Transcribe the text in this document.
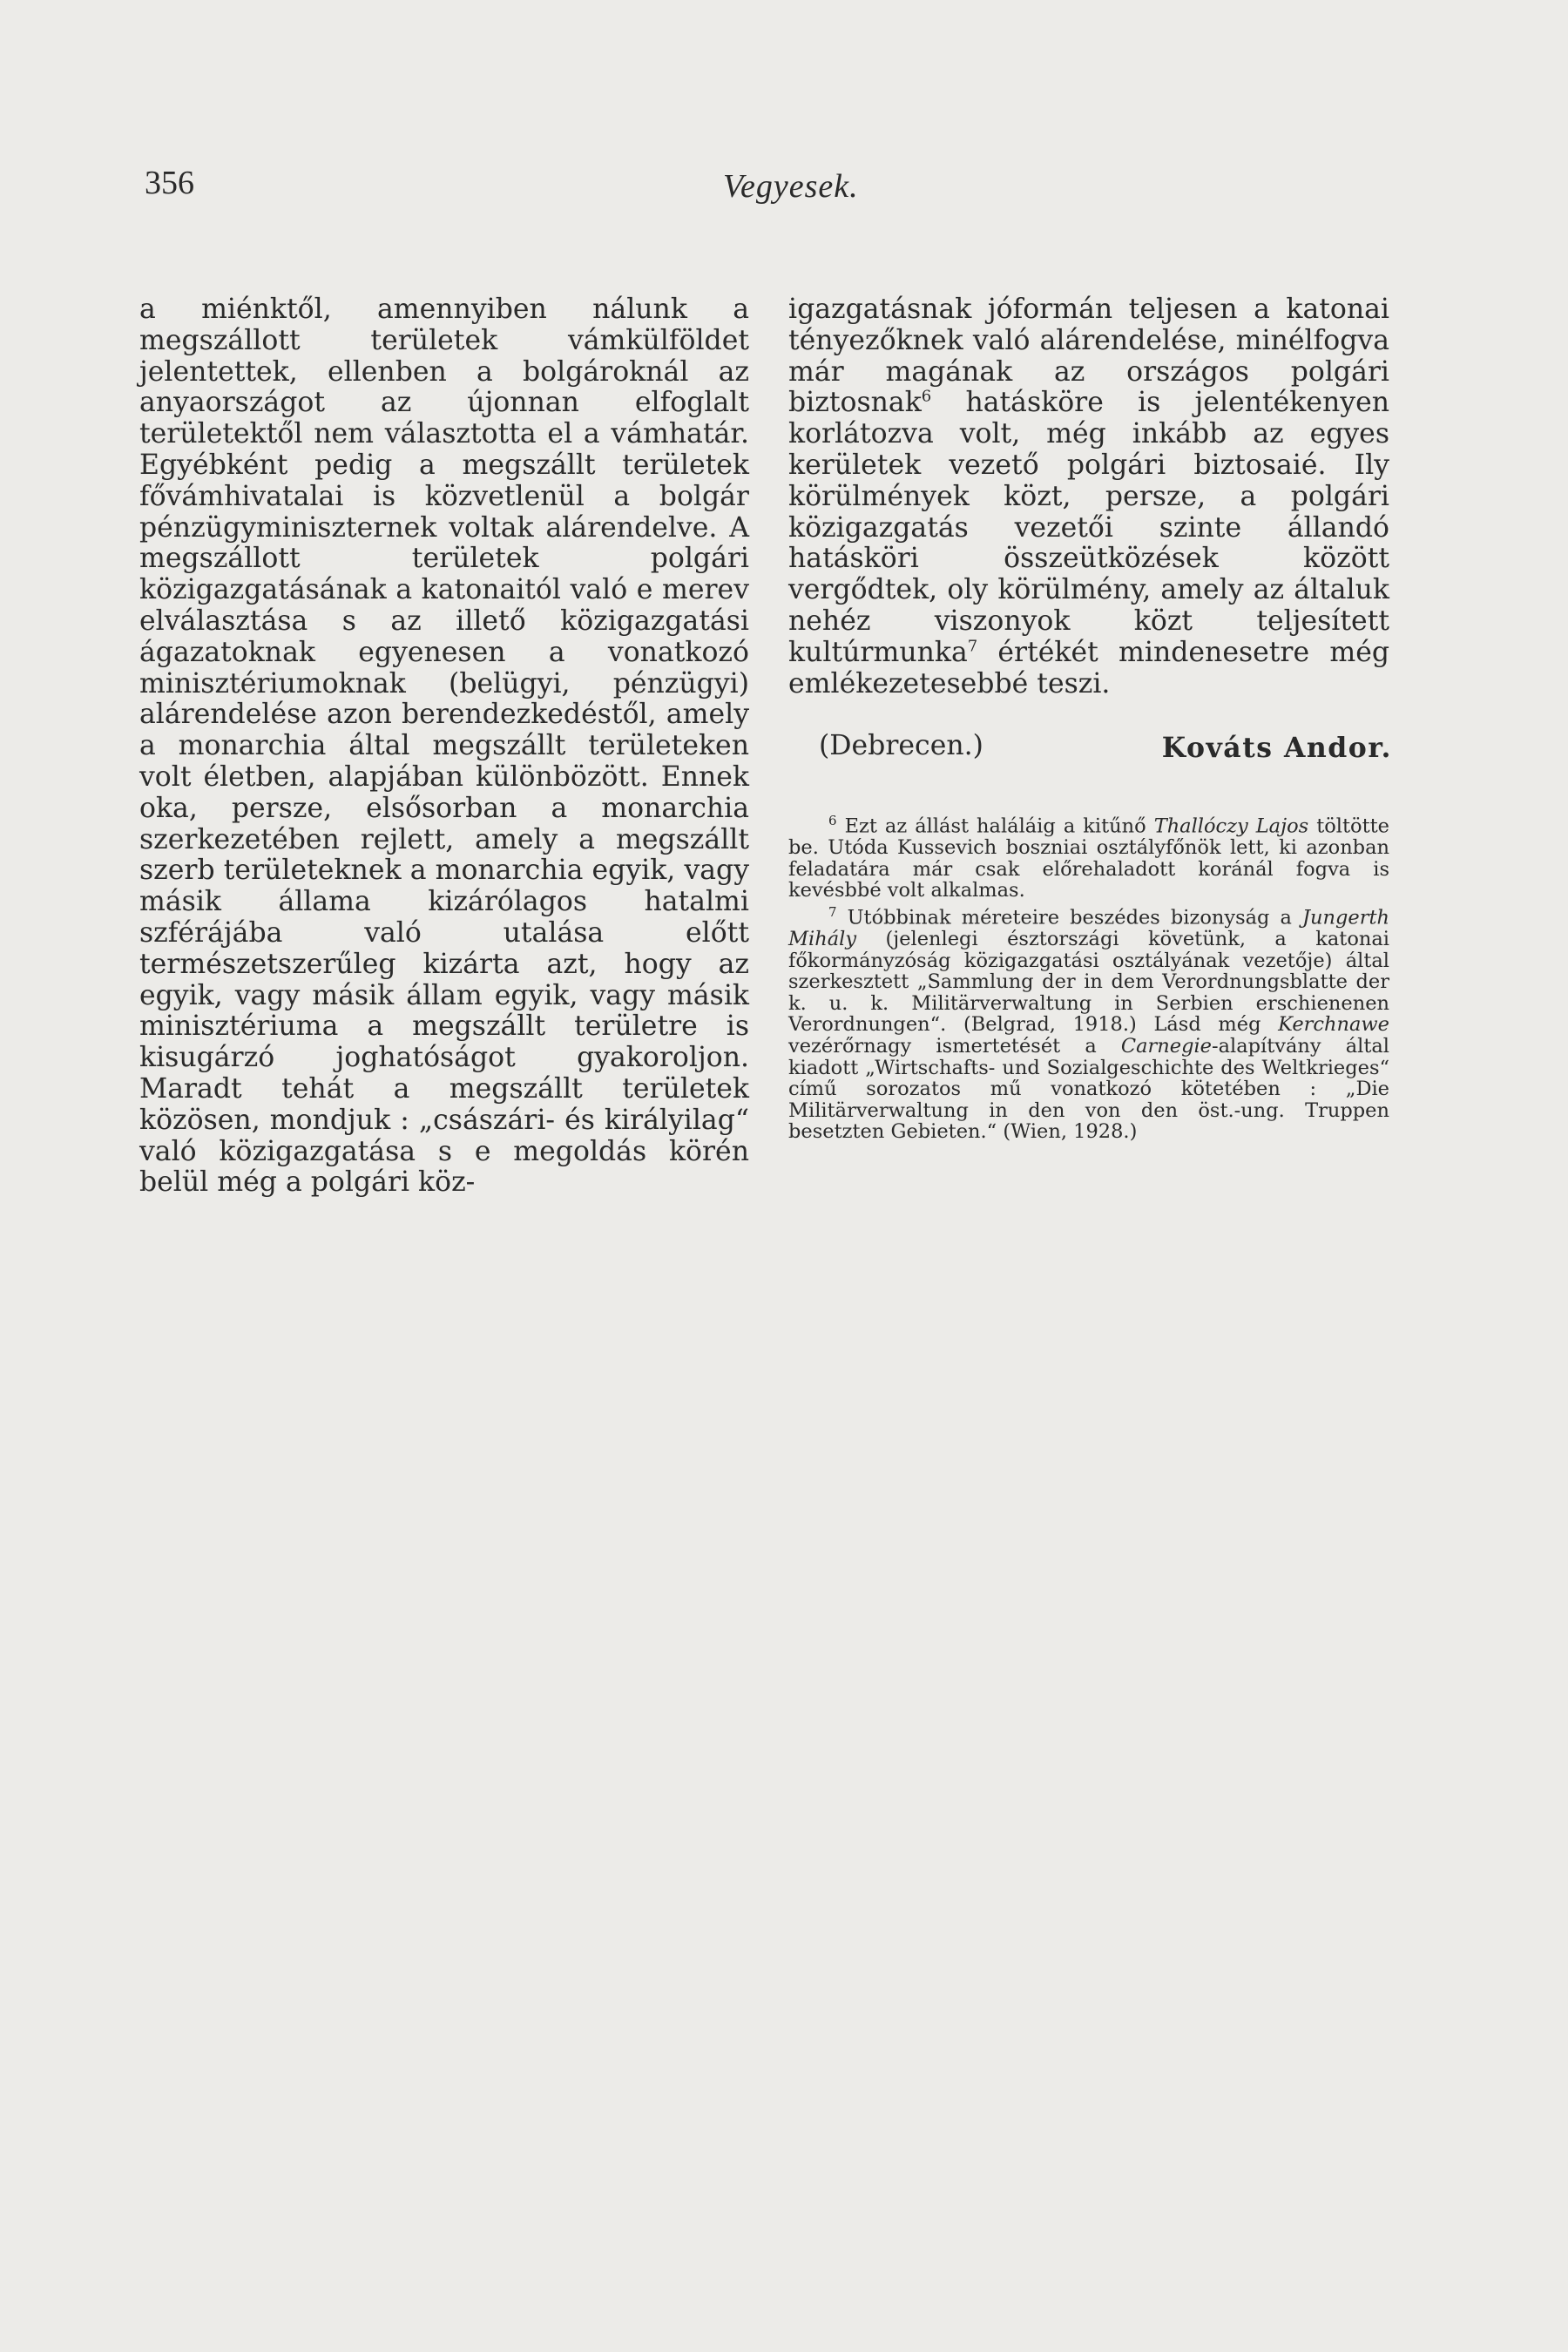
356	Vegyesek.

a miénktől, amennyiben nálunk a megszállott területek vámkülföldet jelentettek, ellenben a bolgároknál az anyaországot az újonnan elfoglalt területektől nem választotta el a vámhatár. Egyébként pedig a megszállt területek fővámhivatalai is közvetlenül a bolgár pénzügyminiszternek voltak alárendelve. A megszállott területek polgári közigazgatásának a katonaitól való e merev elválasztása s az illető közigazgatási ágazatoknak egyenesen a vonatkozó minisztériumoknak (belügyi, pénzügyi) alárendelése azon berendezkedéstől, amely a monarchia által megszállt területeken volt életben, alapjában különbözött. Ennek oka, persze, elsősorban a monarchia szerkezetében rejlett, amely a megszállt szerb területeknek a monarchia egyik, vagy másik állama kizárólagos hatalmi szférájába való utalása előtt természetszerűleg kizárta azt, hogy az egyik, vagy másik állam egyik, vagy másik minisztériuma a megszállt területre is kisugárzó joghatóságot gyakoroljon. Maradt tehát a megszállt területek közösen, mondjuk : „császári- és királyilag“ való közigazgatása s e megoldás körén belül még a polgári köz-

igazgatásnak jóformán teljesen a katonai tényezőknek való alárendelése, minélfogva már magának az országos polgári biztosnak$^6$ hatásköre is jelentékenyen korlátozva volt, még inkább az egyes kerületek vezető polgári biztosaié. Ily körülmények közt, persze, a polgári közigazgatás vezetői szinte állandó hatásköri összeütközések között vergődtek, oly körülmény, amely az általuk nehéz viszonyok közt teljesített kultúrmunka$^7$ értékét mindenesetre még emlékezetesebbé teszi.

(Debrecen.)	Kováts Andor.

$^6$ Ezt az állást haláláig a kitűnő Thallóczy Lajos töltötte be. Utóda Kussevich boszniai osztályfőnök lett, ki azonban feladatára már csak előrehaladott koránál fogva is kevésbbé volt alkalmas.

$^7$ Utóbbinak méreteire beszédes bizonyság a Jungerth Mihály (jelenlegi észtországi követünk, a katonai főkormányzóság közigazgatási osztályának vezetője) által szerkesztett „Sammlung der in dem Verordnungsblatte der k. u. k. Militärverwaltung in Serbien erschienenen Verordnungen“. (Belgrad, 1918.) Lásd még Kerchnawe vezérőrnagy ismertetését a Carnegie-alapítvány által kiadott „Wirtschafts- und Sozialgeschichte des Weltkrieges“ című sorozatos mű vonatkozó kötetében : „Die Militärverwaltung in den von den öst.-ung. Truppen besetzten Gebieten.“ (Wien, 1928.)
